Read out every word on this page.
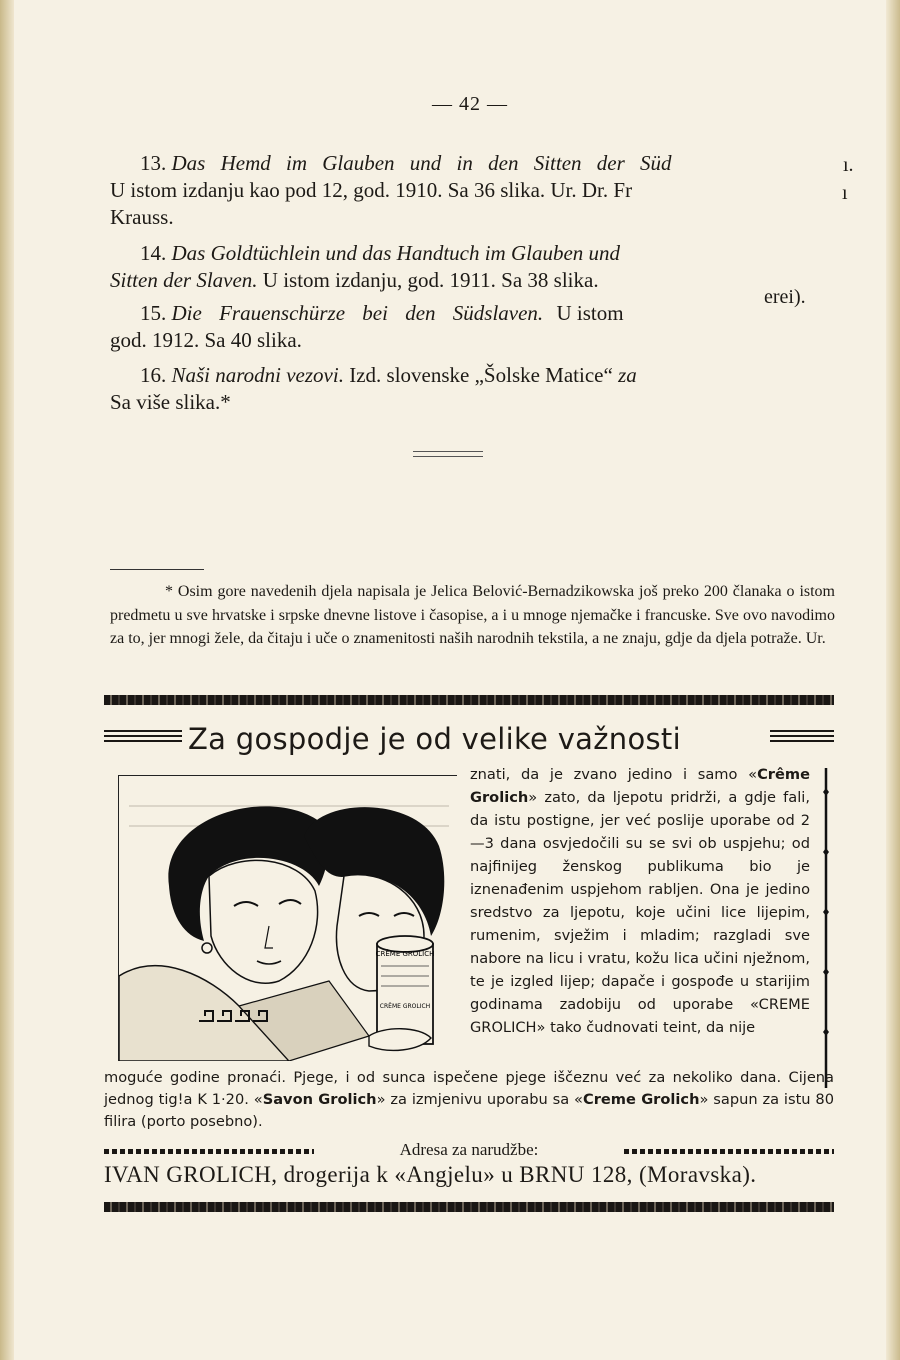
— 42 —
13. Das Hemd im Glauben und in den Sitten der Süd
U istom izdanju kao pod 12, god. 1910. Sa 36 slika. Ur. Dr. Fr
Krauss.
14. Das Goldtüchlein und das Handtuch im Glauben und
Sitten der Slaven. U istom izdanju, god. 1911. Sa 38 slika.
15. Die Frauenschürze bei den Südslaven. U istom
god. 1912. Sa 40 slika.
16. Naši narodni vezovi. Izd. slovenske „Šolske Matice“ za
Sa više slika.*
ı.
ı
erei).
* Osim gore navedenih djela napisala je Jelica Belović-Bernadzikowska još preko 200 članaka o istom predmetu u sve hrvatske i srpske dnevne listove i časopise, a i u mnoge njemačke i francuske. Sve ovo navodimo za to, jer mnogi žele, da čitaju i uče o znamenitosti naših narodnih tekstila, a ne znaju, gdje da djela potraže. Ur.
Za gospodje je od velike važnosti
CRÊME GROLICH
CRÊME GROLICH
znati, da je zvano jedino i samo «Crême Grolich» zato, da ljepotu pridrži, a gdje fali, da istu postigne, jer već poslije uporabe od 2—3 dana osvjedočili su se svi ob uspjehu; od najfinijeg ženskog publikuma bio je iznenađenim uspjehom rabljen. Ona je jedino sredstvo za ljepotu, koje učini lice lijepim, rumenim, svježim i mladim; razgladi sve nabore na licu i vratu, kožu lica učini nježnom, te je izgled lijep; dapače i gospođe u starijim godinama zadobiju od uporabe «CREME GROLICH» tako čudnovati teint, da nije
moguće godine pronaći. Pjege, i od sunca ispečene pjege iščeznu već za nekoliko dana. Cijena jednog tig!a K 1·20. «Savon Grolich» za izmjenivu uporabu sa «Creme Grolich» sapun za istu 80 filira (porto posebno).
Adresa za narudžbe:
IVAN GROLICH, drogerija k «Angjelu» u BRNU 128, (Moravska).
